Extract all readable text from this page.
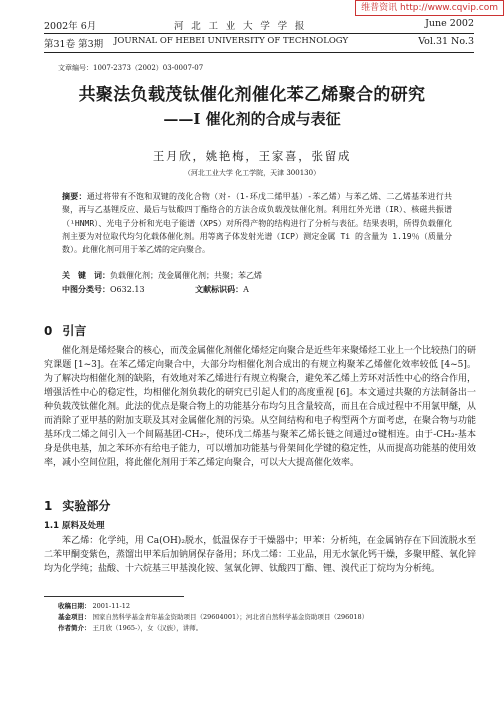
维普资讯 http://www.cqvip.com
2002年 6月	河 北 工 业 大 学 学 报	June 2002
第31卷 第3期 JOURNAL OF HEBEI UNIVERSITY OF TECHNOLOGY	Vol.31 No.3
文章编号：1007-2373（2002）03-0007-07
共聚法负载茂钛催化剂催化苯乙烯聚合的研究
——Ⅰ 催化剂的合成与表征
王月欣，姚艳梅，王家喜，张留成
（河北工业大学 化工学院，天津 300130）
摘要：通过将带有不饱和双键的茂化合物（对-（1-环戊二烯甲基）-苯乙烯）与苯乙烯、二乙烯基苯进行共聚，再与乙基锂反应、最后与钛酸四丁酯络合的方法合成负载茂钛催化剂。利用红外光谱（IR）、核磁共振谱（¹HNMR）、光电子分析和光电子能谱（XPS）对所得产物的结构进行了分析与表征。结果表明，所得负载催化剂主要为对位取代均匀化载体催化剂。用等离子体发射光谱（ICP）测定金属 Ti 的含量为 1.19％（质量分数）。此催化剂可用于苯乙烯的定向聚合。
关　键　词：负载催化剂；茂金属催化剂；共聚；苯乙烯
中图分类号：O632.13	文献标识码：A
0 引言

催化剂是烯烃聚合的核心，而茂金属催化剂催化烯烃定向聚合是近些年来聚烯烃工业上一个比较热门的研究课题 [1~3]。在苯乙烯定向聚合中，大部分均相催化剂合成出的有规立构聚苯乙烯催化效率较低 [4~5]。为了解决均相催化剂的缺陷，有效地对苯乙烯进行有规立构聚合，避免苯乙烯上芳环对活性中心的络合作用，增强活性中心的稳定性，均相催化剂负载化的研究已引起人们的高度重视 [6]。本文通过共聚的方法制备出一种负载茂钛催化剂。此法的优点是聚合物上的功能基分布均匀且含量较高，而且在合成过程中不用氯甲醚，从而消除了亚甲基的附加支联及其对金属催化剂的污染。从空间结构和电子构型两个方面考虑，在聚合物与功能基环戊二烯之间引入一个间隔基团-CH₂-，使环戊二烯基与聚苯乙烯长链之间通过σ键相连。由于-CH₂-基本身是供电基，加之苯环亦有给电子能力，可以增加功能基与骨架间化学键的稳定性，从而提高功能基的使用效率，减小空间位阻，将此催化剂用于苯乙烯定向聚合，可以大大提高催化效率。

1 实验部分
1.1 原料及处理

苯乙烯：化学纯，用 Ca(OH)₂脱水，低温保存于干燥器中；甲苯：分析纯，在金属钠存在下回流脱水至二苯甲酮变紫色，蒸馏出甲苯后加钠屑保存备用；环戊二烯：工业品，用无水氯化钙干燥，多聚甲醛、氧化锌均为化学纯；盐酸、十六烷基三甲基溴化铵、氢氧化钾、钛酸四丁酯、锂、溴代正丁烷均为分析纯。

收稿日期： 2001-11-12
基金项目： 国家自然科学基金青年基金资助项目（29604001）；河北省自然科学基金资助项目（296018）
作者简介： 王月欣（1965-），女（汉族），讲师。
